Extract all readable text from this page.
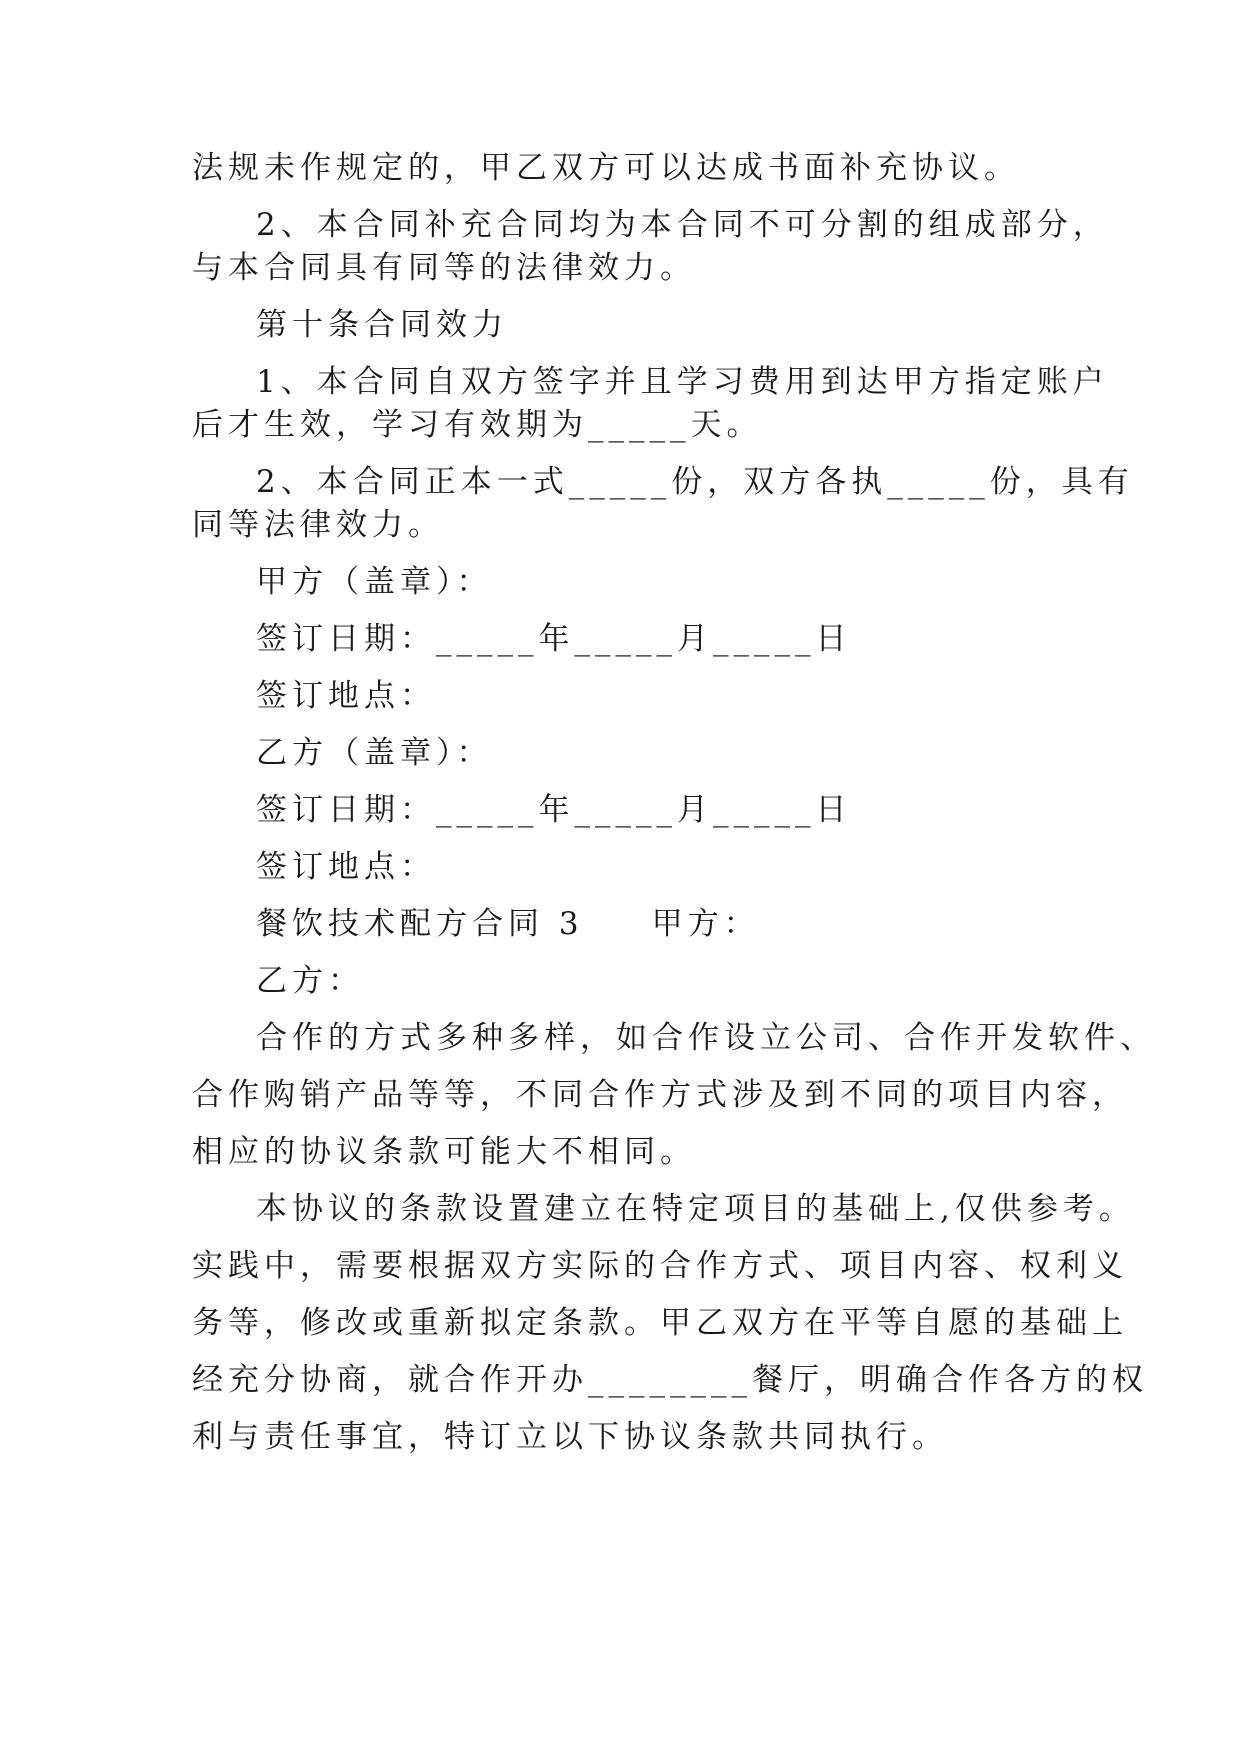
法规未作规定的，甲乙双方可以达成书面补充协议。
2、本合同补充合同均为本合同不可分割的组成部分，
与本合同具有同等的法律效力。
第十条合同效力
1、本合同自双方签字并且学习费用到达甲方指定账户
后才生效，学习有效期为_____天。
2、本合同正本一式_____份，双方各执_____份，具有
同等法律效力。
甲方（盖章）：
签订日期：_____年_____月_____日
签订地点：
乙方（盖章）：
签订日期：_____年_____月_____日
签订地点：
餐饮技术配方合同 3 甲方：
乙方：
合作的方式多种多样，如合作设立公司、合作开发软件、
合作购销产品等等，不同合作方式涉及到不同的项目内容，
相应的协议条款可能大不相同。
本协议的条款设置建立在特定项目的基础上,仅供参考。
实践中，需要根据双方实际的合作方式、项目内容、权利义
务等，修改或重新拟定条款。甲乙双方在平等自愿的基础上
经充分协商，就合作开办________餐厅，明确合作各方的权
利与责任事宜，特订立以下协议条款共同执行。
